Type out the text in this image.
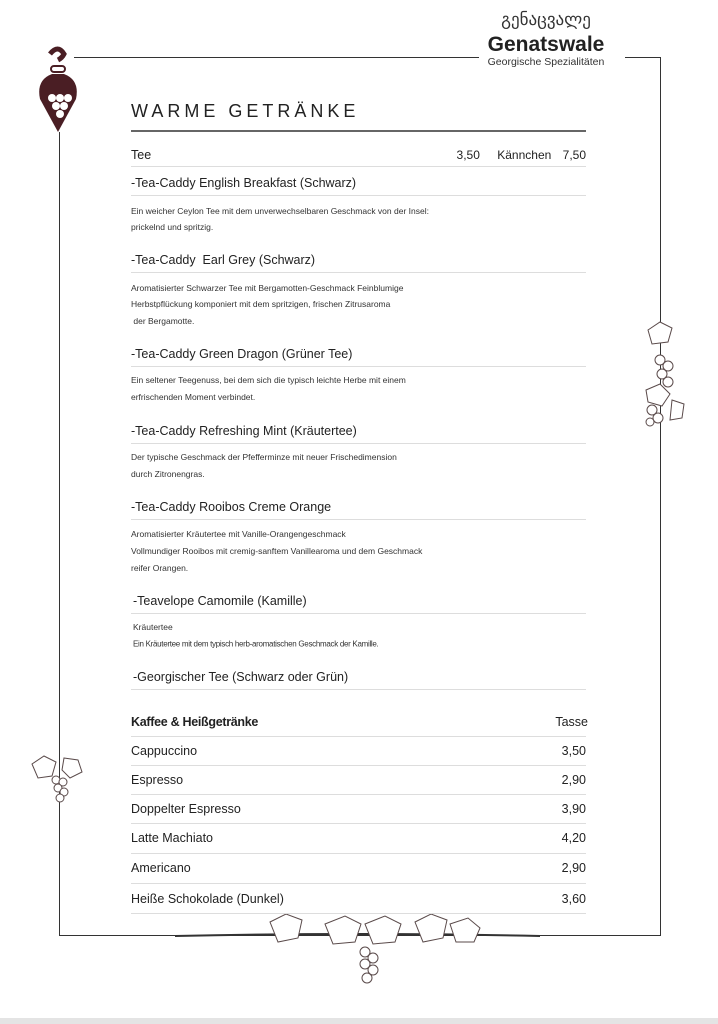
გენაცვალე
Genatswale
Georgische Spezialitäten
WARME GETRÄNKE
Tee	3,50 Kännchen 7,50
-Tea-Caddy English Breakfast (Schwarz)
Ein weicher Ceylon Tee mit dem unverwechselbaren Geschmack von der Insel:
prickelnd und spritzig.
-Tea-Caddy  Earl Grey (Schwarz)
Aromatisierter Schwarzer Tee mit Bergamotten-Geschmack Feinblumige
Herbstpflückung komponiert mit dem spritzigen, frischen Zitrusaroma
der Bergamotte.
-Tea-Caddy Green Dragon (Grüner Tee)
Ein seltener Teegenuss, bei dem sich die typisch leichte Herbe mit einem
erfrischenden Moment verbindet.
-Tea-Caddy Refreshing Mint (Kräutertee)
Der typische Geschmack der Pfefferminze mit neuer Frischedimension
durch Zitronengras.
-Tea-Caddy Rooibos Creme Orange
Aromatisierter Kräutertee mit Vanille-Orangengeschmack
Vollmundiger Rooibos mit cremig-sanftem Vanillearoma und dem Geschmack
reifer Orangen.
-Teavelope Camomile (Kamille)
Kräutertee
Ein Kräutertee mit dem typisch herb-aromatischen Geschmack der Kamille.
-Georgischer Tee (Schwarz oder Grün)
Kaffee & Heißgetränke	Tasse
Cappuccino	3,50
Espresso	2,90
Doppelter Espresso	3,90
Latte Machiato	4,20
Americano	2,90
Heiße Schokolade (Dunkel)	3,60
